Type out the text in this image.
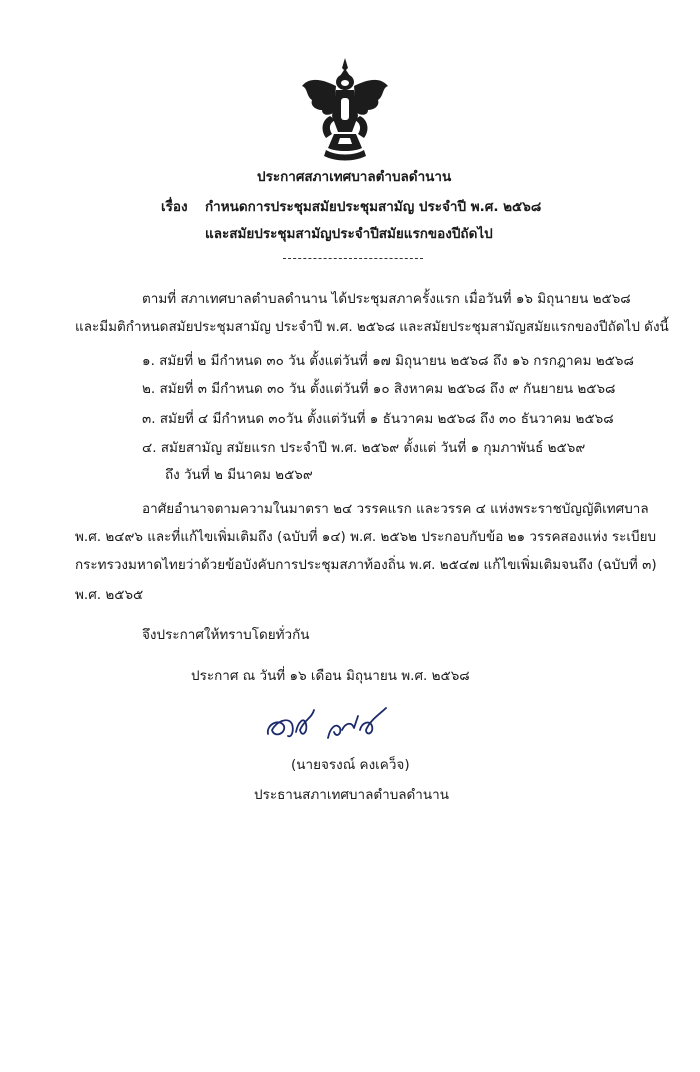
ประกาศสภาเทศบาลตำบลดำนาน
เรื่อง กำหนดการประชุมสมัยประชุมสามัญ ประจำปี พ.ศ. ๒๕๖๘
และสมัยประชุมสามัญประจำปีสมัยแรกของปีถัดไป
ตามที่ สภาเทศบาลตำบลดำนาน ได้ประชุมสภาครั้งแรก เมื่อวันที่ ๑๖ มิถุนายน ๒๕๖๘
และมีมติกำหนดสมัยประชุมสามัญ ประจำปี พ.ศ. ๒๕๖๘ และสมัยประชุมสามัญสมัยแรกของปีถัดไป ดังนี้
๑. สมัยที่ ๒ มีกำหนด ๓๐ วัน ตั้งแต่วันที่ ๑๗ มิถุนายน ๒๕๖๘ ถึง ๑๖ กรกฎาคม ๒๕๖๘
๒. สมัยที่ ๓ มีกำหนด ๓๐ วัน ตั้งแต่วันที่ ๑๐ สิงหาคม ๒๕๖๘ ถึง ๙ กันยายน ๒๕๖๘
๓. สมัยที่ ๔ มีกำหนด ๓๐วัน ตั้งแต่วันที่ ๑ ธันวาคม ๒๕๖๘ ถึง ๓๐ ธันวาคม ๒๕๖๘
๔. สมัยสามัญ สมัยแรก ประจำปี พ.ศ. ๒๕๖๙ ตั้งแต่ วันที่ ๑ กุมภาพันธ์ ๒๕๖๙
ถึง วันที่ ๒ มีนาคม ๒๕๖๙
อาศัยอำนาจตามความในมาตรา ๒๔ วรรคแรก และวรรค ๔ แห่งพระราชบัญญัติเทศบาล
พ.ศ. ๒๔๙๖ และที่แก้ไขเพิ่มเติมถึง (ฉบับที่ ๑๔) พ.ศ. ๒๕๖๒ ประกอบกับข้อ ๒๑ วรรคสองแห่ง ระเบียบ
กระทรวงมหาดไทยว่าด้วยข้อบังคับการประชุมสภาท้องถิ่น พ.ศ. ๒๕๔๗ แก้ไขเพิ่มเติมจนถึง (ฉบับที่ ๓)
พ.ศ. ๒๕๖๕
จึงประกาศให้ทราบโดยทั่วกัน
ประกาศ ณ วันที่ ๑๖ เดือน มิถุนายน พ.ศ. ๒๕๖๘
(นายจรงณ์ คงเคว็จ)
ประธานสภาเทศบาลตำบลดำนาน
